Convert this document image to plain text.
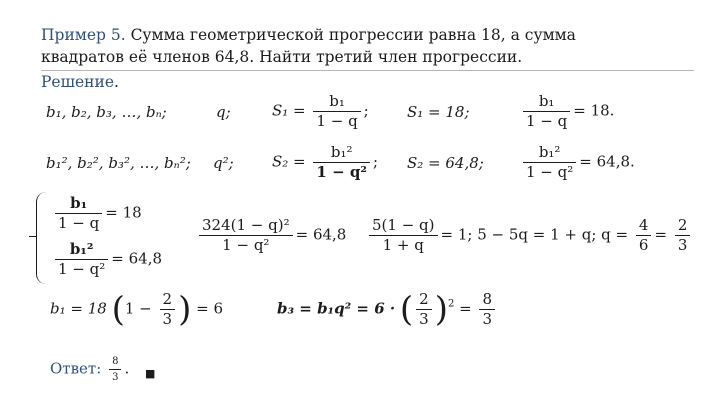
Пример 5. Сумма геометрической прогрессии равна 18, а сумма
квадратов её членов 64,8. Найти третий член прогрессии.
Решение.
b₁, b₂, b₃, …, bₙ;	q;	$S_1 = \frac{\text{b₁}}{1 - q}$ ;	S₁ = 18;	$\frac{\text{b₁}}{1 - q} = 18$.
b₁², b₂², b₃², …, bₙ²; q²;	$S_2 = \frac{\text{b₁²}}{\text{1 − q²}}$ ; S₂ = 64,8;	$\frac{\text{b₁²}}{\text{1 − q²}} = 64,8$.
$\frac{\text{b₁}}{1 - q} = 18$
$\frac{\text{b₁²}}{\text{1 − q²}} = 64,8$
$\frac{\text{324(1 − q)²}}{\text{1 − q²}} = 64,8 \frac{5(1 - q)}{1 + q} = 1$; 5 − 5q = 1 + q; $q = \frac{4}{6} = \frac{2}{3}$
b₁ = 18 ($1 - \frac{2}{3}$ ) = 6	b₃ = b₁q² = 6 · ( $\frac{2}{3} )^2 = \frac{8}{3}$
Ответ: $\frac{8}{3}$ . ■
